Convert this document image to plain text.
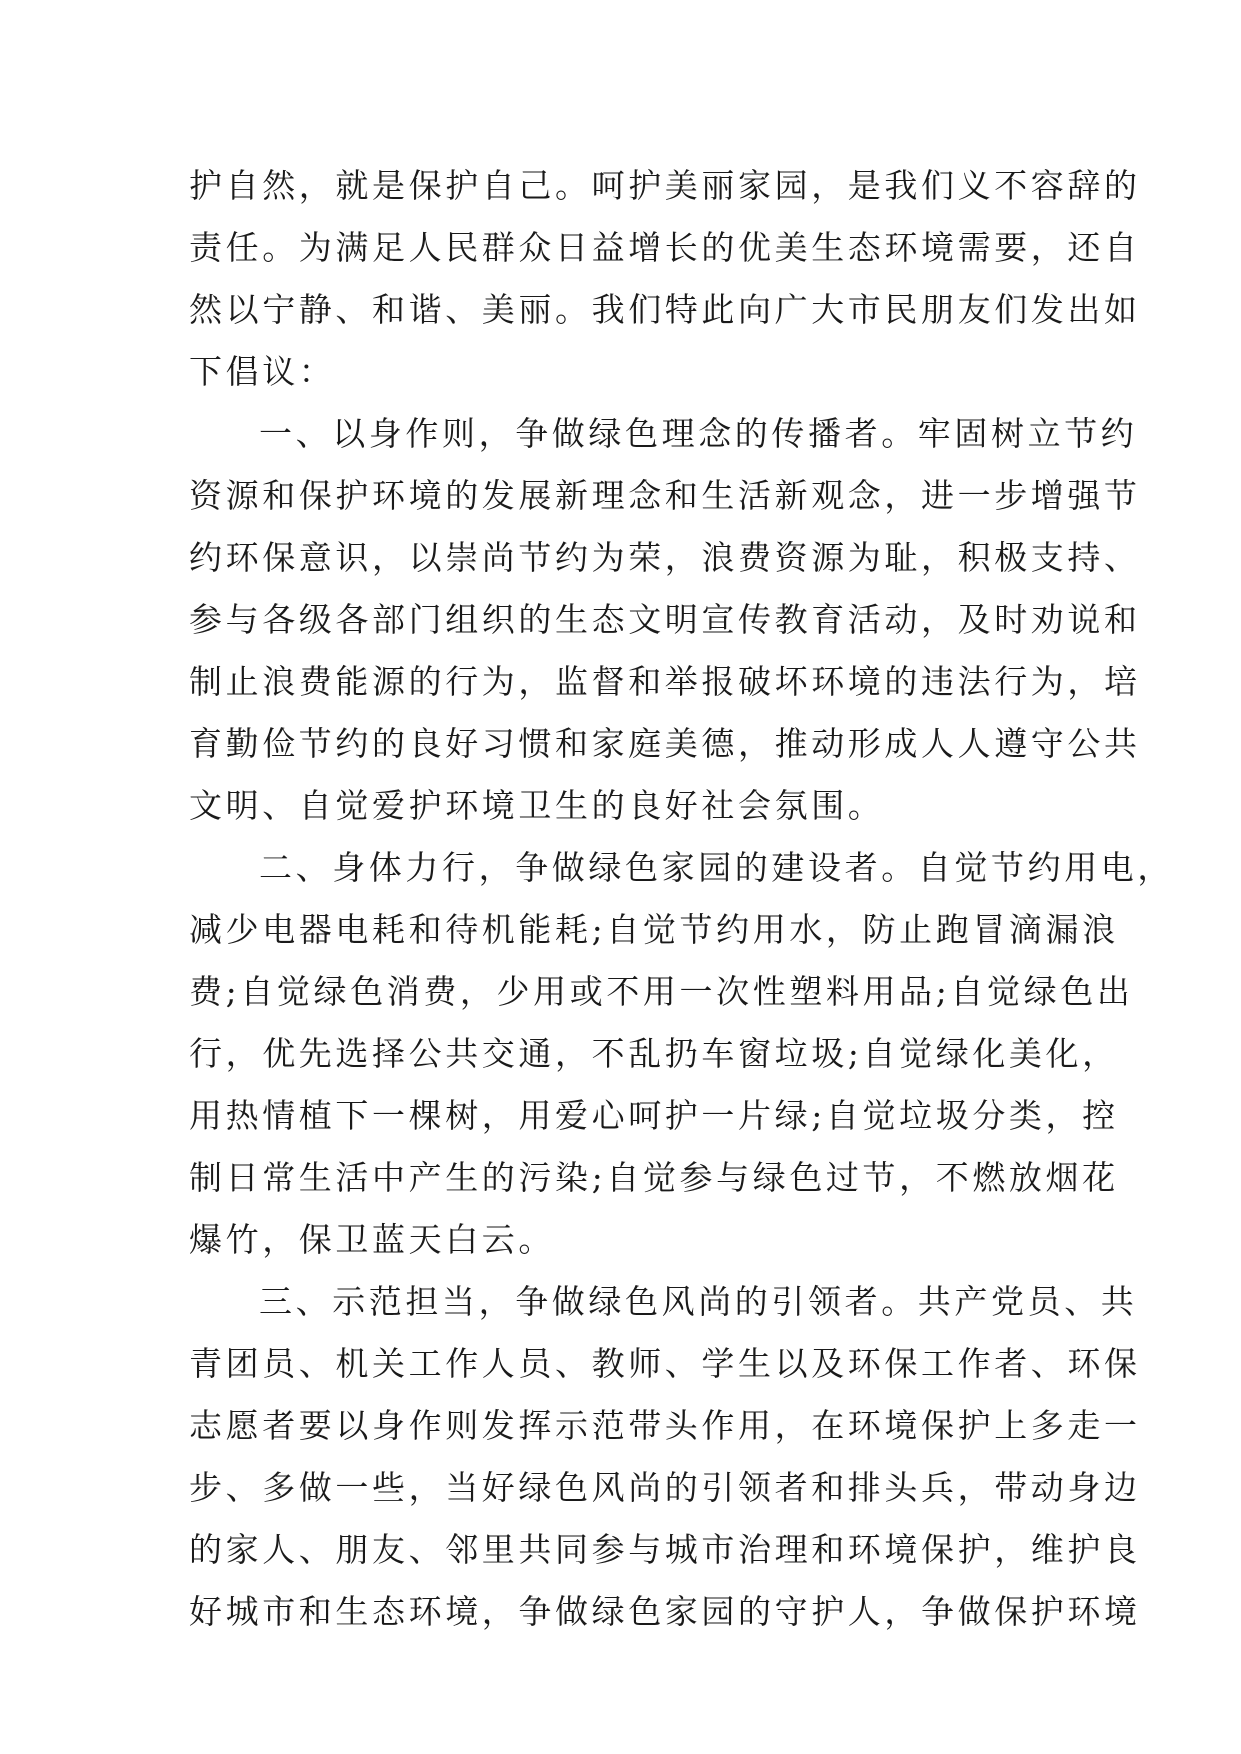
护自然，就是保护自己。呵护美丽家园，是我们义不容辞的
责任。为满足人民群众日益增长的优美生态环境需要，还自
然以宁静、和谐、美丽。我们特此向广大市民朋友们发出如
下倡议：
一、以身作则，争做绿色理念的传播者。牢固树立节约
资源和保护环境的发展新理念和生活新观念，进一步增强节
约环保意识，以崇尚节约为荣，浪费资源为耻，积极支持、
参与各级各部门组织的生态文明宣传教育活动，及时劝说和
制止浪费能源的行为，监督和举报破坏环境的违法行为，培
育勤俭节约的良好习惯和家庭美德，推动形成人人遵守公共
文明、自觉爱护环境卫生的良好社会氛围。
二、身体力行，争做绿色家园的建设者。自觉节约用电，
减少电器电耗和待机能耗;自觉节约用水，防止跑冒滴漏浪
费;自觉绿色消费，少用或不用一次性塑料用品;自觉绿色出
行，优先选择公共交通，不乱扔车窗垃圾;自觉绿化美化，
用热情植下一棵树，用爱心呵护一片绿;自觉垃圾分类，控
制日常生活中产生的污染;自觉参与绿色过节，不燃放烟花
爆竹，保卫蓝天白云。
三、示范担当，争做绿色风尚的引领者。共产党员、共
青团员、机关工作人员、教师、学生以及环保工作者、环保
志愿者要以身作则发挥示范带头作用，在环境保护上多走一
步、多做一些，当好绿色风尚的引领者和排头兵，带动身边
的家人、朋友、邻里共同参与城市治理和环境保护，维护良
好城市和生态环境，争做绿色家园的守护人，争做保护环境
